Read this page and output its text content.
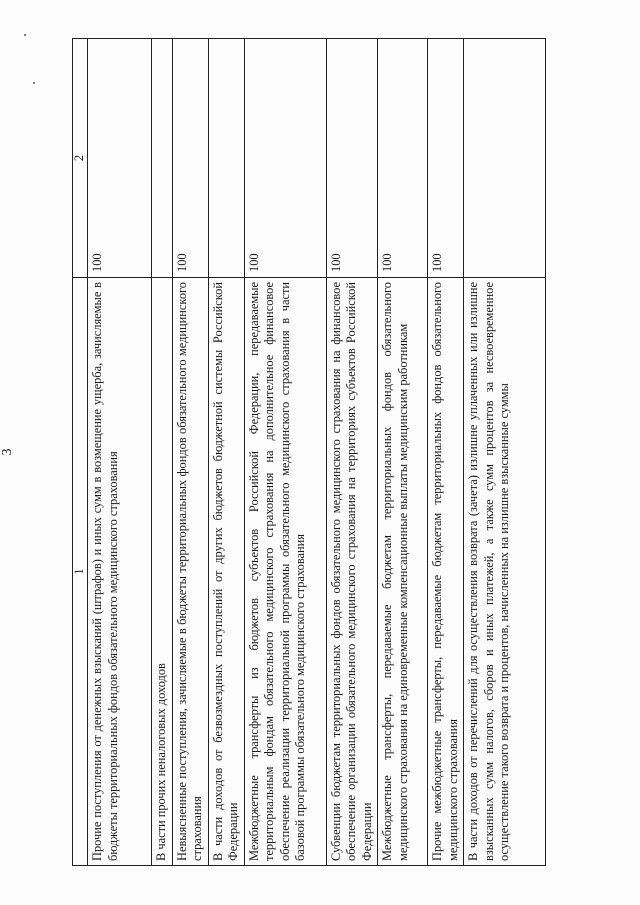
3
1	2
Прочие поступления от денежных взысканий (штрафов) и иных сумм в возмещение ущерба, зачисляемые в бюджеты территориальных фондов обязательного медицинского страхования	100
В части прочих неналоговых доходов	
Невыясненные поступления, зачисляемые в бюджеты территориальных фондов обязательного медицинского страхования	100
В части доходов от безвозмездных поступлений от других бюджетов бюджетной системы Российской Федерации	
Межбюджетные трансферты из бюджетов субъектов Российской Федерации, передаваемые территориальным фондам обязательного медицинского страхования на дополнительное финансовое обеспечение реализации территориальной программы обязательного медицинского страхования в части базовой программы обязательного медицинского страхования	100
Субвенции бюджетам территориальных фондов обязательного медицинского страхования на финансовое обеспечение организации обязательного медицинского страхования на территориях субъектов Российской Федерации	100
Межбюджетные трансферты, передаваемые бюджетам территориальных фондов обязательного медицинского страхования на единовременные компенсационные выплаты медицинским работникам	100
Прочие межбюджетные трансферты, передаваемые бюджетам территориальных фондов обязательного медицинского страхования	100
В части доходов от перечислений для осуществления возврата (зачета) излишне уплаченных или излишне взысканных сумм налогов, сборов и иных платежей, а также сумм процентов за несвоевременное осуществление такого возврата и процентов, начисленных на излишне взысканные суммы	
